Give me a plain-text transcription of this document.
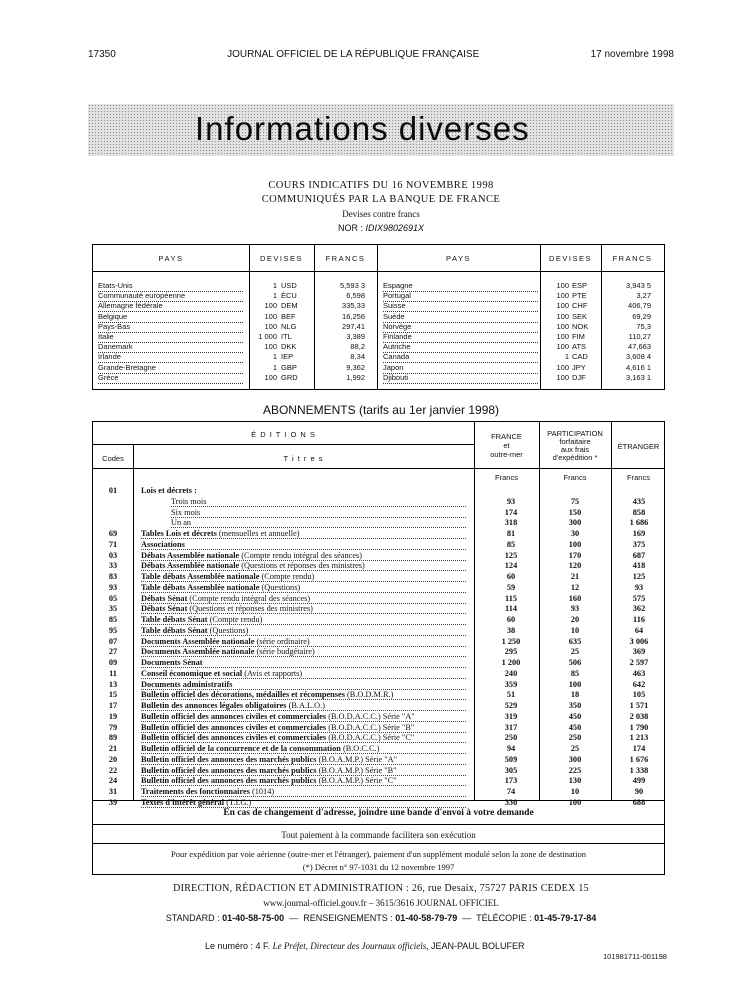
17350	JOURNAL OFFICIEL DE LA RÉPUBLIQUE FRANÇAISE	17 novembre 1998
Informations diverses
COURS INDICATIFS DU 16 NOVEMBRE 1998
COMMUNIQUÉS PAR LA BANQUE DE FRANCE
Devises contre francs
NOR : IDIX9802691X
PAYS	DEVISES	FRANCS	PAYS	DEVISES	FRANCS
Etats-Unis	1 USD	5,593 3
Communauté européenne	1 ÉCU	6,598
Allemagne fédérale	100 DEM	335,33
Belgique	100 BEF	16,256
Pays-Bas	100 NLG	297,41
Italie	1 000 ITL	3,389
Danemark	100 DKK	88,2
Irlande	1 IEP	8,34
Grande-Bretagne	1 GBP	9,362
Grèce	100 GRD	1,992
Espagne	100 ESP	3,943 5
Portugal	100 PTE	3,27
Suisse	100 CHF	406,79
Suède	100 SEK	69,29
Norvège	100 NOK	75,3
Finlande	100 FIM	110,27
Autriche	100 ATS	47,663
Canada	1 CAD	3,608 4
Japon	100 JPY	4,616 1
Djibouti	100 DJF	3,163 1
ABONNEMENTS (tarifs au 1er janvier 1998)
É D I T I O N S
Codes	T i t r e s
FRANCE
et
outre-mer
PARTICIPATION
forfaitaire
aux frais
d'expédition *
ÉTRANGER
Francs	Francs	Francs
01	Lois et décrets :
Trois mois	93	75	435
Six mois	174	150	858
Un an	318	300	1 686
69	Tables Lois et décrets (mensuelles et annuelle)	81	30	169
71	Associations	85	100	375
03	Débats Assemblée nationale (Compte rendu intégral des séances)	125	170	687
33	Débats Assemblée nationale (Questions et réponses des ministres)	124	120	418
83	Table débats Assemblée nationale (Compte rendu)	60	21	125
93	Table débats Assemblée nationale (Questions)	59	12	93
05	Débats Sénat (Compte rendu intégral des séances)	115	160	575
35	Débats Sénat (Questions et réponses des ministres)	114	93	362
85	Table débats Sénat (Compte rendu)	60	20	116
95	Table débats Sénat (Questions)	38	10	64
07	Documents Assemblée nationale (série ordinaire)	1 250	635	3 006
27	Documents Assemblée nationale (série budgétaire)	295	25	369
09	Documents Sénat	1 200	506	2 597
11	Conseil économique et social (Avis et rapports)	240	85	463
13	Documents administratifs	359	100	642
15	Bulletin officiel des décorations, médailles et récompenses (B.O.D.M.R.)	51	18	105
17	Bulletin des annonces légales obligatoires (B.A.L.O.)	529	350	1 571
19	Bulletin officiel des annonces civiles et commerciales (B.O.D.A.C.C.) Série "A"	319	450	2 038
79	Bulletin officiel des annonces civiles et commerciales (B.O.D.A.C.C.) Série "B"	317	450	1 790
89	Bulletin officiel des annonces civiles et commerciales (B.O.D.A.C.C.) Série "C"	250	250	1 213
21	Bulletin officiel de la concurrence et de la consommation (B.O.C.C.)	94	25	174
20	Bulletin officiel des annonces des marchés publics (B.O.A.M.P.) Série "A"	509	300	1 676
22	Bulletin officiel des annonces des marchés publics (B.O.A.M.P.) Série "B"	305	225	1 338
24	Bulletin officiel des annonces des marchés publics (B.O.A.M.P.) Série "C"	173	130	499
31	Traitements des fonctionnaires (1014)	74	10	90
39	Textes d'intérêt général (T.I.G.)	330	100	688
En cas de changement d'adresse, joindre une bande d'envoi à votre demande
Tout paiement à la commande facilitera son exécution
Pour expédition par voie aérienne (outre-mer et l'étranger), paiement d'un supplément modulé selon la zone de destination
(*) Décret n° 97-1031 du 12 novembre 1997
DIRECTION, RÉDACTION ET ADMINISTRATION : 26, rue Desaix, 75727 PARIS CEDEX 15
www.journal-officiel.gouv.fr – 3615/3616 JOURNAL OFFICIEL
STANDARD : 01-40-58-75-00  —  RENSEIGNEMENTS : 01-40-58-79-79  —  TÉLÉCOPIE : 01-45-79-17-84
Le numéro : 4 F. Le Préfet, Directeur des Journaux officiels, JEAN-PAUL BOLUFER
101981711-001198
